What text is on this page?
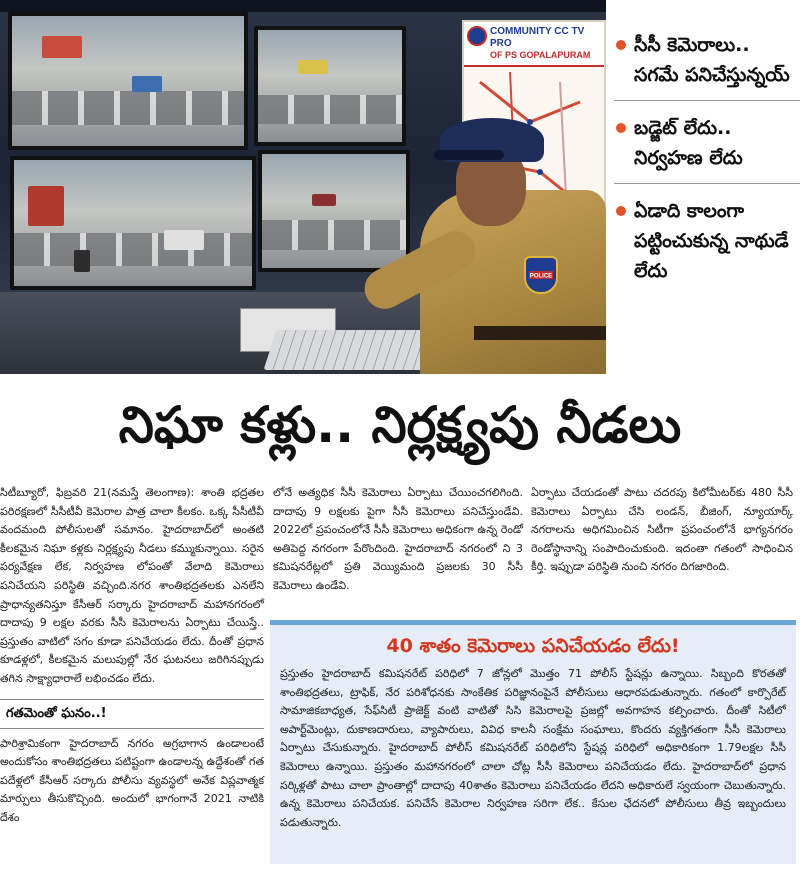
COMMUNITY CC TV PRO
OF PS GOPALAPURAM
POLICE
సీసీ కెమెరాలు.. సగమే పనిచేస్తున్నయ్
బడ్జెట్ లేదు.. నిర్వహణ లేదు
ఏడాది కాలంగా పట్టించుకున్న నాథుడే లేదు
నిఘా కళ్లు.. నిర్లక్ష్యపు నీడలు

సిటీబ్యూరో, ఫిబ్రవరి 21(నమస్తే తెలంగాణ): శాంతి భద్రతల పరిరక్షణలో సీసీటీవీ కెమెరాల పాత్ర చాలా కీలకం. ఒక్క సీసీటీవీ వందమంది పోలీసులతో సమానం. హైదరాబాద్‌లో అంతటి కీలకమైన నిఘా కళ్లకు నిర్లక్ష్యపు నీడలు కమ్ముకున్నాయి. సరైన పర్యవేక్షణ లేక, నిర్వహణ లోపంతో వేలాది కెమెరాలు పనిచేయని పరిస్థితి వచ్చింది.నగర శాంతిభద్రతలకు ఎనలేని ప్రాధాన్యతనిస్తూ కేసీఆర్ సర్కారు హైదరాబాద్ మహానగరంలో దాదాపు 9 లక్షల వరకు సీసీ కెమెరాలను ఏర్పాటు చేయిస్తే.. ప్రస్తుతం వాటిలో సగం కూడా పనిచేయడం లేదు. దీంతో ప్రధాన కూడళ్లలో, కీలకమైన మలుపుల్లో నేర ఘటనలు జరిగినప్పుడు తగిన సాక్ష్యాధారాలే లభించడం లేదు.

గతమెంతో ఘనం..!

పారిశ్రామికంగా హైదరాబాద్ నగరం అగ్రభాగాన ఉండాలంటే అందుకోసం శాంతిభద్రతలు పటిష్టంగా ఉండాలన్న ఉద్దేశంతో గత పదేళ్లలో కేసీఆర్ సర్కారు పోలీసు వ్యవస్థలో అనేక విప్లవాత్మక మార్పులు తీసుకొచ్చింది. అందులో భాగంగానే 2021 నాటికి దేశం

లోనే అత్యధిక సీసీ కెమెరాలు ఏర్పాటు చేయించగలిగింది. దాదాపు 9 లక్షలకు పైగా సీసీ కెమెరాలు పనిచేస్తుండేవి. 2022లో ప్రపంచంలోనే సీసీ కెమెరాలు అధికంగా ఉన్న రెండో అతిపెద్ద నగరంగా పేరొందింది. హైదరాబాద్ నగరంలో ని 3 కమిషనరేట్లలో ప్రతి వెయ్యిమంది ప్రజలకు 30 సీసీ కెమెరాలు ఉండేవి.

ఏర్పాటు చేయడంతో పాటు చదరపు కిలోమీటర్‌కు 480 సీసీ కెమెరాలు ఏర్పాటు చేసి లండన్, బీజింగ్, న్యూయార్క్ నగరాలను అధిగమించిన సిటీగా ప్రపంచంలోనే భాగ్యనగరం రెండోస్థానాన్ని సంపాదించుకుంది. ఇదంతా గతంలో సాధించిన కీర్తి. ఇప్పుడా పరిస్థితి నుంచి నగరం దిగజారింది.

40 శాతం కెమెరాలు పనిచేయడం లేదు!
ప్రస్తుతం హైదరాబాద్ కమిషనరేట్ పరిధిలో 7 జోన్లలో మొత్తం 71 పోలీస్ స్టేషన్లు ఉన్నాయి. సిబ్బంది కొరతతో శాంతిభద్రతలు, ట్రాఫిక్, నేర పరిశోధనకు సాంకేతిక పరిజ్ఞానంపైనే పోలీసులు ఆధారపడుతున్నారు. గతంలో కార్పొరేట్ సామాజికబాధ్యత, సేఫ్‌సిటీ ప్రాజెక్ట్ వంటి వాటితో సిసి కెమెరాలపై ప్రజల్లో అవగాహన కల్పించారు. దీంతో సిటీలో అపార్ట్‌మెంట్లు, దుకాణదారులు, వ్యాపారులు, వివిధ కాలనీ సంక్షేమ సంఘాలు, కొందరు వ్యక్తిగతంగా సీసీ కెమెరాలు ఏర్పాటు చేసుకున్నారు. హైదరాబాద్ పోలీస్ కమిషనరేట్ పరిధిలోని స్టేషన్ల పరిధిలో అధికారికంగా 1.79లక్షల సీసీ కెమెరాలు ఉన్నాయి. ప్రస్తుతం మహానగరంలో చాలా చోట్ల సీసీ కెమెరాలు పనిచేయడం లేదు. హైదరాబాద్‌లో ప్రధాన సర్కిళ్లతో పాటు చాలా ప్రాంతాల్లో దాదాపు 40శాతం కెమెరాలు పనిచేయడం లేదని అధికారులే స్వయంగా చెబుతున్నారు. ఉన్న కెమెరాలు పనిచేయక. పనిచేసే కెమెరాల నిర్వహణ సరిగా లేక.. కేసుల ఛేదనలో పోలీసులు తీవ్ర ఇబ్బందులు పడుతున్నారు.
